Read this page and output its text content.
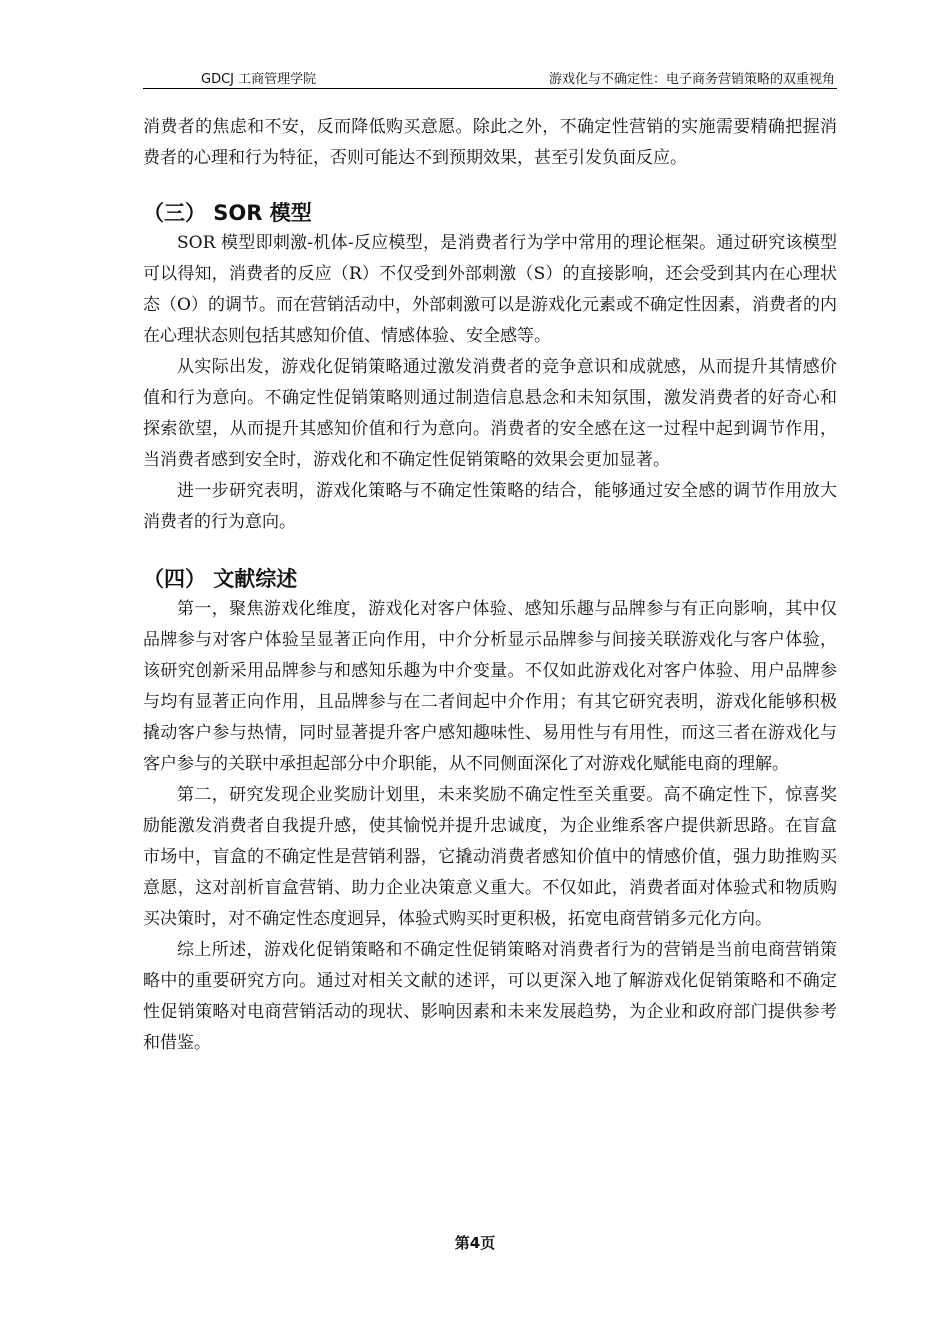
GDCJ 工商管理学院	游戏化与不确定性：电子商务营销策略的双重视角

消费者的焦虑和不安，反而降低购买意愿。除此之外，不确定性营销的实施需要精确把握消费者的心理和行为特征，否则可能达不到预期效果，甚至引发负面反应。

（三） SOR 模型

SOR 模型即刺激-机体-反应模型，是消费者行为学中常用的理论框架。通过研究该模型可以得知，消费者的反应（R）不仅受到外部刺激（S）的直接影响，还会受到其内在心理状态（O）的调节。而在营销活动中，外部刺激可以是游戏化元素或不确定性因素，消费者的内在心理状态则包括其感知价值、情感体验、安全感等。

从实际出发，游戏化促销策略通过激发消费者的竞争意识和成就感，从而提升其情感价值和行为意向。不确定性促销策略则通过制造信息悬念和未知氛围，激发消费者的好奇心和探索欲望，从而提升其感知价值和行为意向。消费者的安全感在这一过程中起到调节作用，当消费者感到安全时，游戏化和不确定性促销策略的效果会更加显著。

进一步研究表明，游戏化策略与不确定性策略的结合，能够通过安全感的调节作用放大消费者的行为意向。

（四） 文献综述

第一，聚焦游戏化维度，游戏化对客户体验、感知乐趣与品牌参与有正向影响，其中仅品牌参与对客户体验呈显著正向作用，中介分析显示品牌参与间接关联游戏化与客户体验，该研究创新采用品牌参与和感知乐趣为中介变量。不仅如此游戏化对客户体验、用户品牌参与均有显著正向作用，且品牌参与在二者间起中介作用；有其它研究表明，游戏化能够积极撬动客户参与热情，同时显著提升客户感知趣味性、易用性与有用性，而这三者在游戏化与客户参与的关联中承担起部分中介职能，从不同侧面深化了对游戏化赋能电商的理解。

第二，研究发现企业奖励计划里，未来奖励不确定性至关重要。高不确定性下，惊喜奖励能激发消费者自我提升感，使其愉悦并提升忠诚度，为企业维系客户提供新思路。在盲盒市场中，盲盒的不确定性是营销利器，它撬动消费者感知价值中的情感价值，强力助推购买意愿，这对剖析盲盒营销、助力企业决策意义重大。不仅如此，消费者面对体验式和物质购买决策时，对不确定性态度迥异，体验式购买时更积极，拓宽电商营销多元化方向。

综上所述，游戏化促销策略和不确定性促销策略对消费者行为的营销是当前电商营销策略中的重要研究方向。通过对相关文献的述评，可以更深入地了解游戏化促销策略和不确定性促销策略对电商营销活动的现状、影响因素和未来发展趋势，为企业和政府部门提供参考和借鉴。

第4页
